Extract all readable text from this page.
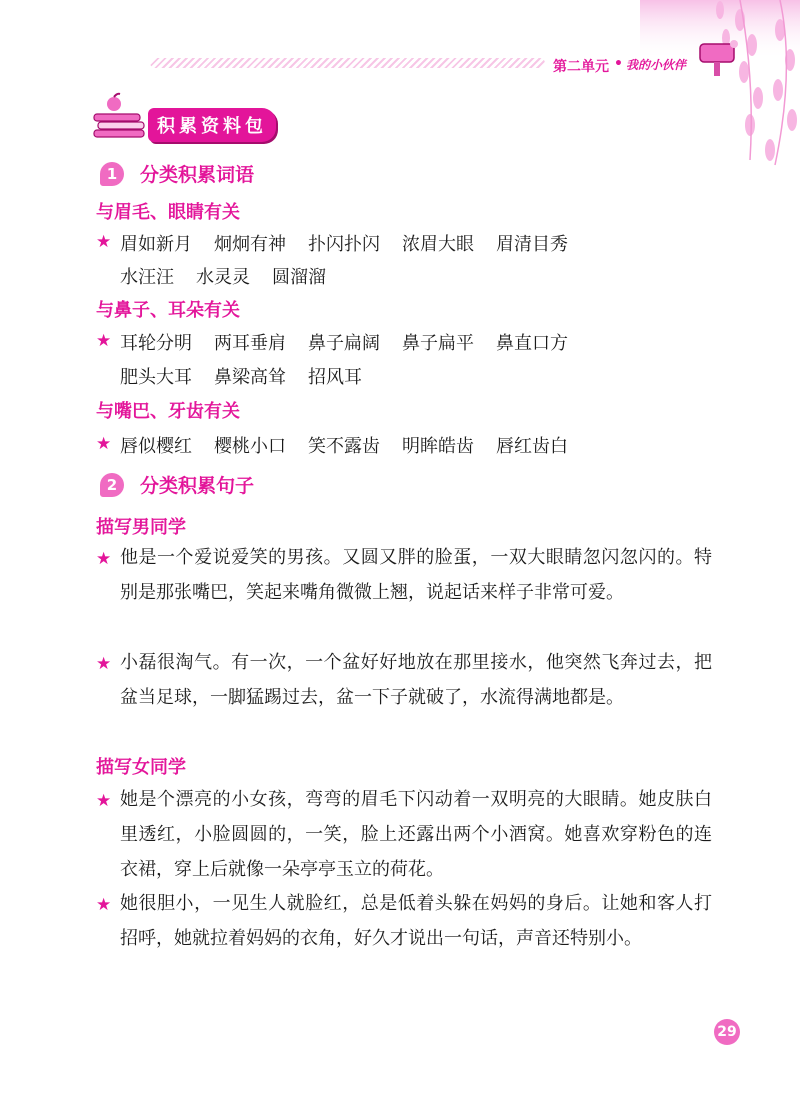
第二单元 • 我的小伙伴
积累资料包
1	分类积累词语
与眉毛、眼睛有关
★ 眉如新月 炯炯有神 扑闪扑闪 浓眉大眼 眉清目秀
水汪汪 水灵灵 圆溜溜
与鼻子、耳朵有关
★ 耳轮分明 两耳垂肩 鼻子扁阔 鼻子扁平 鼻直口方
肥头大耳 鼻梁高耸 招风耳
与嘴巴、牙齿有关
★ 唇似樱红 樱桃小口 笑不露齿 明眸皓齿 唇红齿白
2	分类积累句子
描写男同学
★ 他是一个爱说爱笑的男孩。又圆又胖的脸蛋，一双大眼睛忽闪忽闪的。特别是那张嘴巴，笑起来嘴角微微上翘，说起话来样子非常可爱。
★ 小磊很淘气。有一次，一个盆好好地放在那里接水，他突然飞奔过去，把盆当足球，一脚猛踢过去，盆一下子就破了，水流得满地都是。
描写女同学
★ 她是个漂亮的小女孩，弯弯的眉毛下闪动着一双明亮的大眼睛。她皮肤白里透红，小脸圆圆的，一笑，脸上还露出两个小酒窝。她喜欢穿粉色的连衣裙，穿上后就像一朵亭亭玉立的荷花。
★ 她很胆小，一见生人就脸红，总是低着头躲在妈妈的身后。让她和客人打招呼，她就拉着妈妈的衣角，好久才说出一句话，声音还特别小。
29
